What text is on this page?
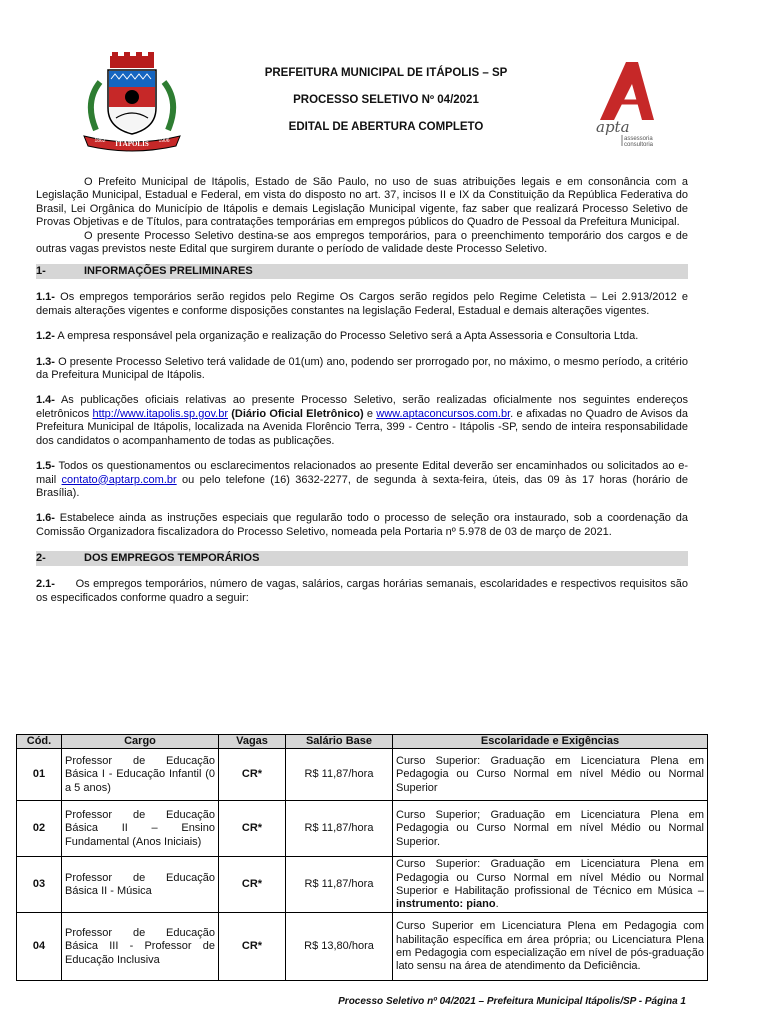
ITÁPOLIS
1862	1906
PREFEITURA MUNICIPAL DE ITÁPOLIS – SP
PROCESSO SELETIVO Nº 04/2021
EDITAL DE ABERTURA COMPLETO	apta
assessoria
consultoria

O Prefeito Municipal de Itápolis, Estado de São Paulo, no uso de suas atribuições legais e em consonância com a Legislação Municipal, Estadual e Federal, em vista do disposto no art. 37, incisos II e IX da Constituição da República Federativa do Brasil, Lei Orgânica do Município de Itápolis e demais Legislação Municipal vigente, faz saber que realizará Processo Seletivo de Provas Objetivas e de Títulos, para contratações temporárias em empregos públicos do Quadro de Pessoal da Prefeitura Municipal.

O presente Processo Seletivo destina-se aos empregos temporários, para o preenchimento temporário dos cargos e de outras vagas previstos neste Edital que surgirem durante o período de validade deste Processo Seletivo.

1-	INFORMAÇÕES PRELIMINARES

1.1- Os empregos temporários serão regidos pelo Regime Os Cargos serão regidos pelo Regime Celetista – Lei 2.913/2012 e demais alterações vigentes e conforme disposições constantes na legislação Federal, Estadual e demais alterações vigentes.

1.2- A empresa responsável pela organização e realização do Processo Seletivo será a Apta Assessoria e Consultoria Ltda.

1.3- O presente Processo Seletivo terá validade de 01(um) ano, podendo ser prorrogado por, no máximo, o mesmo período, a critério da Prefeitura Municipal de Itápolis.

1.4- As publicações oficiais relativas ao presente Processo Seletivo, serão realizadas oficialmente nos seguintes endereços eletrônicos http://www.itapolis.sp.gov.br (Diário Oficial Eletrônico) e www.aptaconcursos.com.br. e afixadas no Quadro de Avisos da Prefeitura Municipal de Itápolis, localizada na Avenida Florêncio Terra, 399 - Centro - Itápolis -SP, sendo de inteira responsabilidade dos candidatos o acompanhamento de todas as publicações.

1.5- Todos os questionamentos ou esclarecimentos relacionados ao presente Edital deverão ser encaminhados ou solicitados ao e-mail contato@aptarp.com.br ou pelo telefone (16) 3632-2277, de segunda à sexta-feira, úteis, das 09 às 17 horas (horário de Brasília).

1.6- Estabelece ainda as instruções especiais que regularão todo o processo de seleção ora instaurado, sob a coordenação da Comissão Organizadora fiscalizadora do Processo Seletivo, nomeada pela Portaria nº 5.978 de 03 de março de 2021.

2-	DOS EMPREGOS TEMPORÁRIOS

2.1-      Os empregos temporários, número de vagas, salários, cargas horárias semanais, escolaridades e respectivos requisitos são os especificados conforme quadro a seguir:

Cód.	Cargo	Vagas	Salário Base	Escolaridade e Exigências
01	Professor de Educação Básica I - Educação Infantil (0 a 5 anos)	CR*	R$ 11,87/hora	Curso Superior: Graduação em Licenciatura Plena em Pedagogia ou Curso Normal em nível Médio ou Normal Superior
02	Professor de Educação Básica II – Ensino Fundamental (Anos Iniciais)	CR*	R$ 11,87/hora	Curso Superior; Graduação em Licenciatura Plena em Pedagogia ou Curso Normal em nível Médio ou Normal Superior.
03	Professor de Educação Básica II - Música	CR*	R$ 11,87/hora	Curso Superior: Graduação em Licenciatura Plena em Pedagogia ou Curso Normal em nível Médio ou Normal Superior e Habilitação profissional de Técnico em Música – instrumento: piano.
04	Professor de Educação Básica III - Professor de Educação Inclusiva	CR*	R$ 13,80/hora	Curso Superior em Licenciatura Plena em Pedagogia com habilitação específica em área própria; ou Licenciatura Plena em Pedagogia com especialização em nível de pós-graduação lato sensu na área de atendimento da Deficiência.
Processo Seletivo nº 04/2021 – Prefeitura Municipal Itápolis/SP - Página 1
